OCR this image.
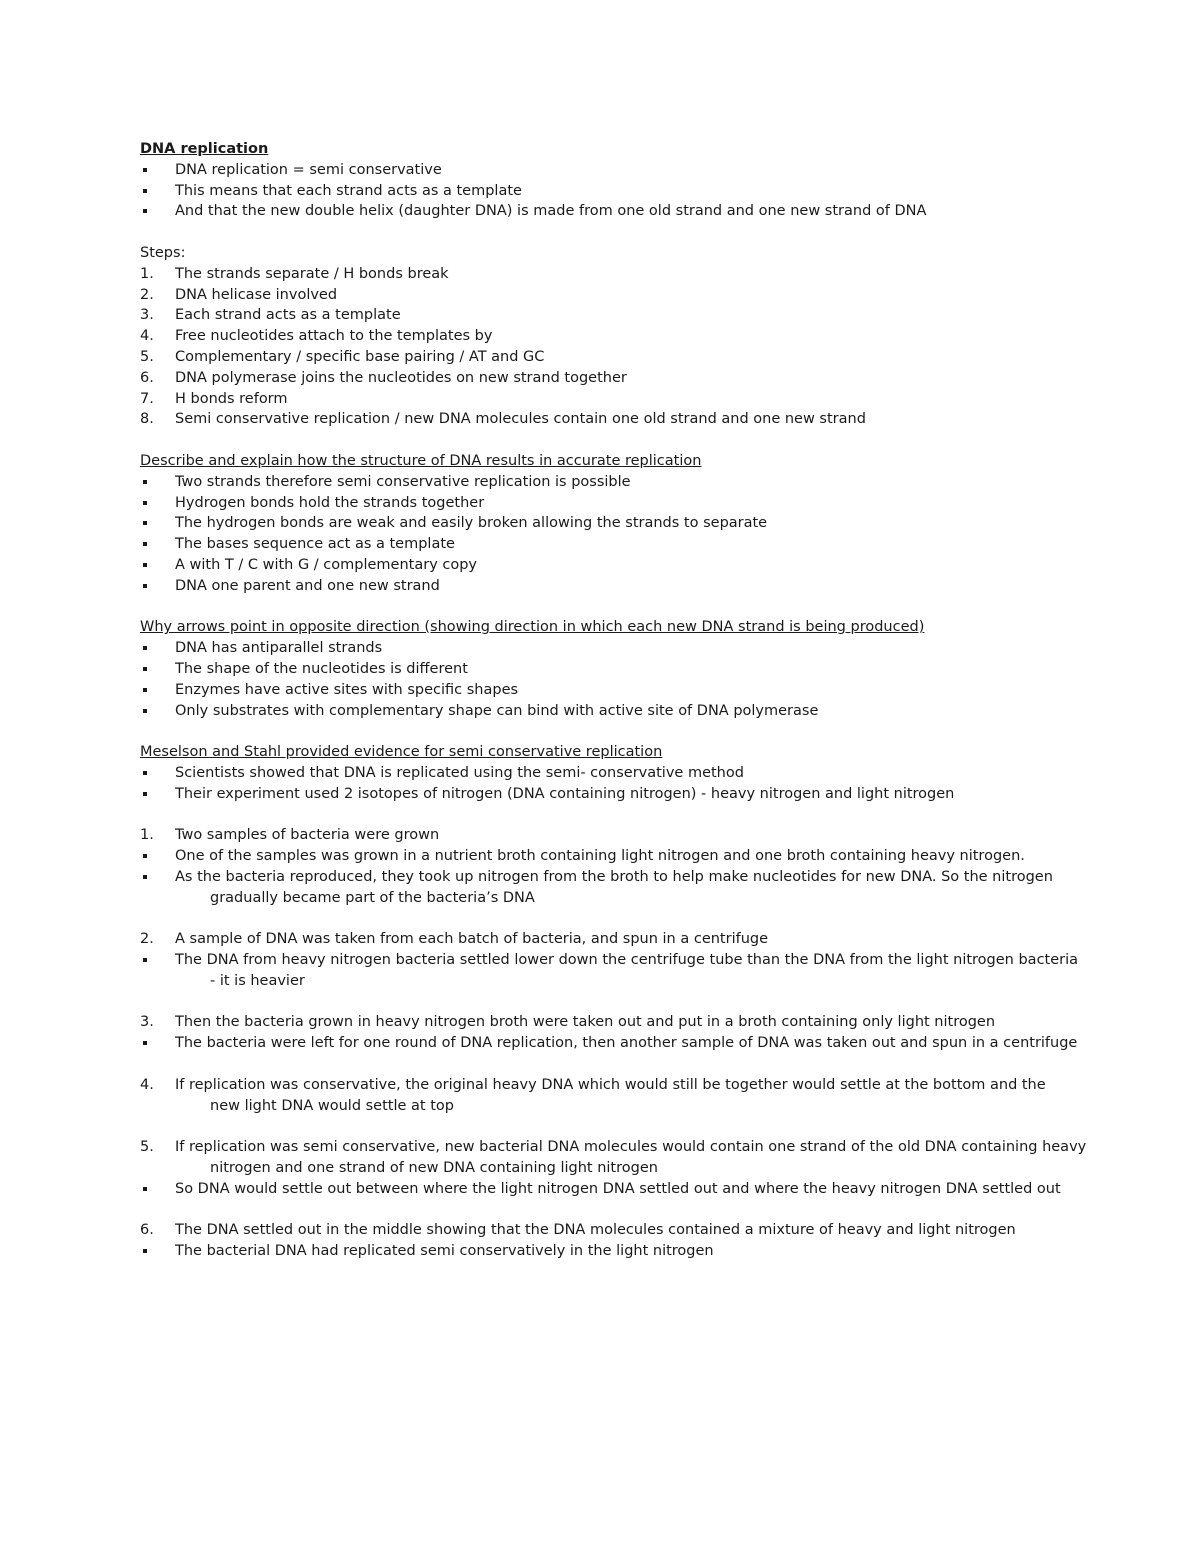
DNA replication
DNA replication = semi conservative
This means that each strand acts as a template
And that the new double helix (daughter DNA) is made from one old strand and one new strand of DNA
Steps:
1.	The strands separate / H bonds break
2.	DNA helicase involved
3.	Each strand acts as a template
4.	Free nucleotides attach to the templates by
5.	Complementary / specific base pairing / AT and GC
6.	DNA polymerase joins the nucleotides on new strand together
7.	H bonds reform
8.	Semi conservative replication / new DNA molecules contain one old strand and one new strand
Describe and explain how the structure of DNA results in accurate replication
Two strands therefore semi conservative replication is possible
Hydrogen bonds hold the strands together
The hydrogen bonds are weak and easily broken allowing the strands to separate
The bases sequence act as a template
A with T / C with G / complementary copy
DNA one parent and one new strand
Why arrows point in opposite direction (showing direction in which each new DNA strand is being produced)
DNA has antiparallel strands
The shape of the nucleotides is different
Enzymes have active sites with specific shapes
Only substrates with complementary shape can bind with active site of DNA polymerase
Meselson and Stahl provided evidence for semi conservative replication
Scientists showed that DNA is replicated using the semi- conservative method
Their experiment used 2 isotopes of nitrogen (DNA containing nitrogen) - heavy nitrogen and light nitrogen
1.	Two samples of bacteria were grown
One of the samples was grown in a nutrient broth containing light nitrogen and one broth containing heavy nitrogen.
As the bacteria reproduced, they took up nitrogen from the broth to help make nucleotides for new DNA. So the nitrogen
gradually became part of the bacteria’s DNA
2.	A sample of DNA was taken from each batch of bacteria, and spun in a centrifuge
The DNA from heavy nitrogen bacteria settled lower down the centrifuge tube than the DNA from the light nitrogen bacteria
- it is heavier
3.	Then the bacteria grown in heavy nitrogen broth were taken out and put in a broth containing only light nitrogen
The bacteria were left for one round of DNA replication, then another sample of DNA was taken out and spun in a centrifuge
4.	If replication was conservative, the original heavy DNA which would still be together would settle at the bottom and the
new light DNA would settle at top
5.	If replication was semi conservative, new bacterial DNA molecules would contain one strand of the old DNA containing heavy
nitrogen and one strand of new DNA containing light nitrogen
So DNA would settle out between where the light nitrogen DNA settled out and where the heavy nitrogen DNA settled out
6.	The DNA settled out in the middle showing that the DNA molecules contained a mixture of heavy and light nitrogen
The bacterial DNA had replicated semi conservatively in the light nitrogen
